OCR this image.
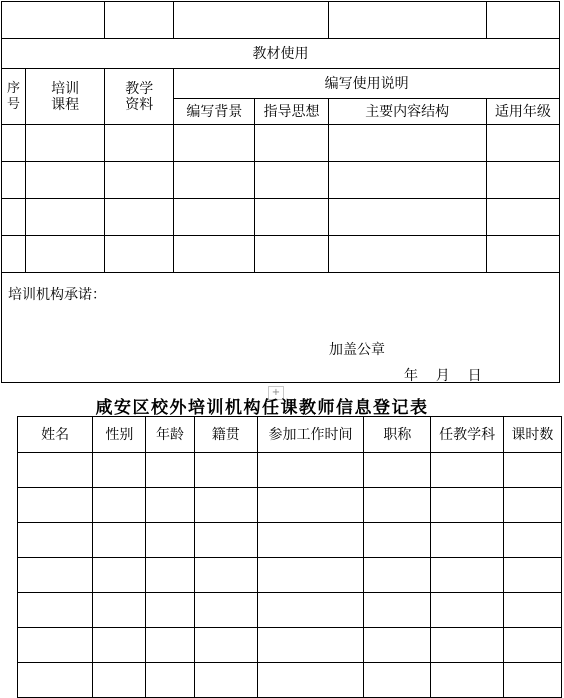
教材使用						
序号	培训课程	教学资料	编写使用说明			
			编写背景	指导思想	主要内容结构	适用年级

培训机构承诺：
加盖公章
年    月    日
+
咸安区校外培训机构任课教师信息登记表
姓名	性别	年龄	籍贯	参加工作时间	职称	任教学科	课时数
